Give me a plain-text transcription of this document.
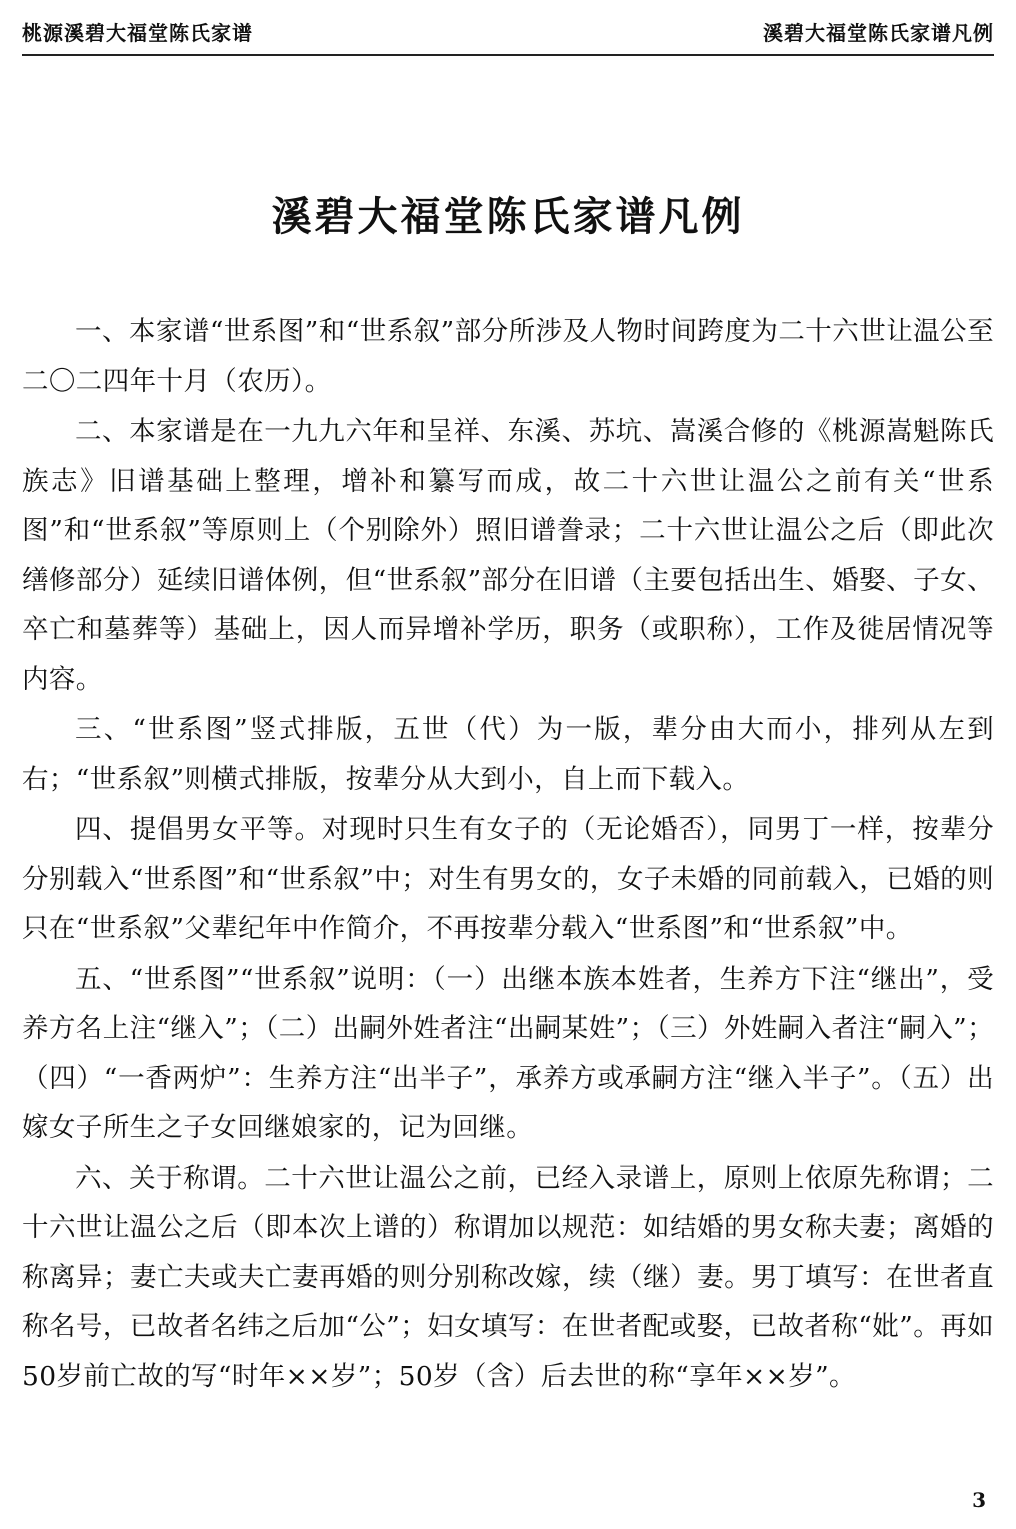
桃源溪碧大福堂陈氏家谱	溪碧大福堂陈氏家谱凡例
溪碧大福堂陈氏家谱凡例

一、本家谱“世系图”和“世系叙”部分所涉及人物时间跨度为二十六世让温公至二〇二四年十月（农历）。

二、本家谱是在一九九六年和呈祥、东溪、苏坑、嵩溪合修的《桃源嵩魁陈氏族志》旧谱基础上整理，增补和纂写而成，故二十六世让温公之前有关“世系图”和“世系叙”等原则上（个别除外）照旧谱誊录；二十六世让温公之后（即此次缮修部分）延续旧谱体例，但“世系叙”部分在旧谱（主要包括出生、婚娶、子女、卒亡和墓葬等）基础上，因人而异增补学历，职务（或职称），工作及徙居情况等内容。

三、“世系图”竖式排版，五世（代）为一版，辈分由大而小，排列从左到右；“世系叙”则横式排版，按辈分从大到小，自上而下载入。

四、提倡男女平等。对现时只生有女子的（无论婚否），同男丁一样，按辈分分别载入“世系图”和“世系叙”中；对生有男女的，女子未婚的同前载入，已婚的则只在“世系叙”父辈纪年中作简介，不再按辈分载入“世系图”和“世系叙”中。

五、“世系图”“世系叙”说明：（一）出继本族本姓者，生养方下注“继出”，受养方名上注“继入”；（二）出嗣外姓者注“出嗣某姓”；（三）外姓嗣入者注“嗣入”；（四）“一香两炉”：生养方注“出半子”，承养方或承嗣方注“继入半子”。（五）出嫁女子所生之子女回继娘家的，记为回继。

六、关于称谓。二十六世让温公之前，已经入录谱上，原则上依原先称谓；二十六世让温公之后（即本次上谱的）称谓加以规范：如结婚的男女称夫妻；离婚的称离异；妻亡夫或夫亡妻再婚的则分别称改嫁，续（继）妻。男丁填写：在世者直称名号，已故者名纬之后加“公”；妇女填写：在世者配或娶，已故者称“妣”。再如50岁前亡故的写“时年××岁”；50岁（含）后去世的称“享年××岁”。

3
